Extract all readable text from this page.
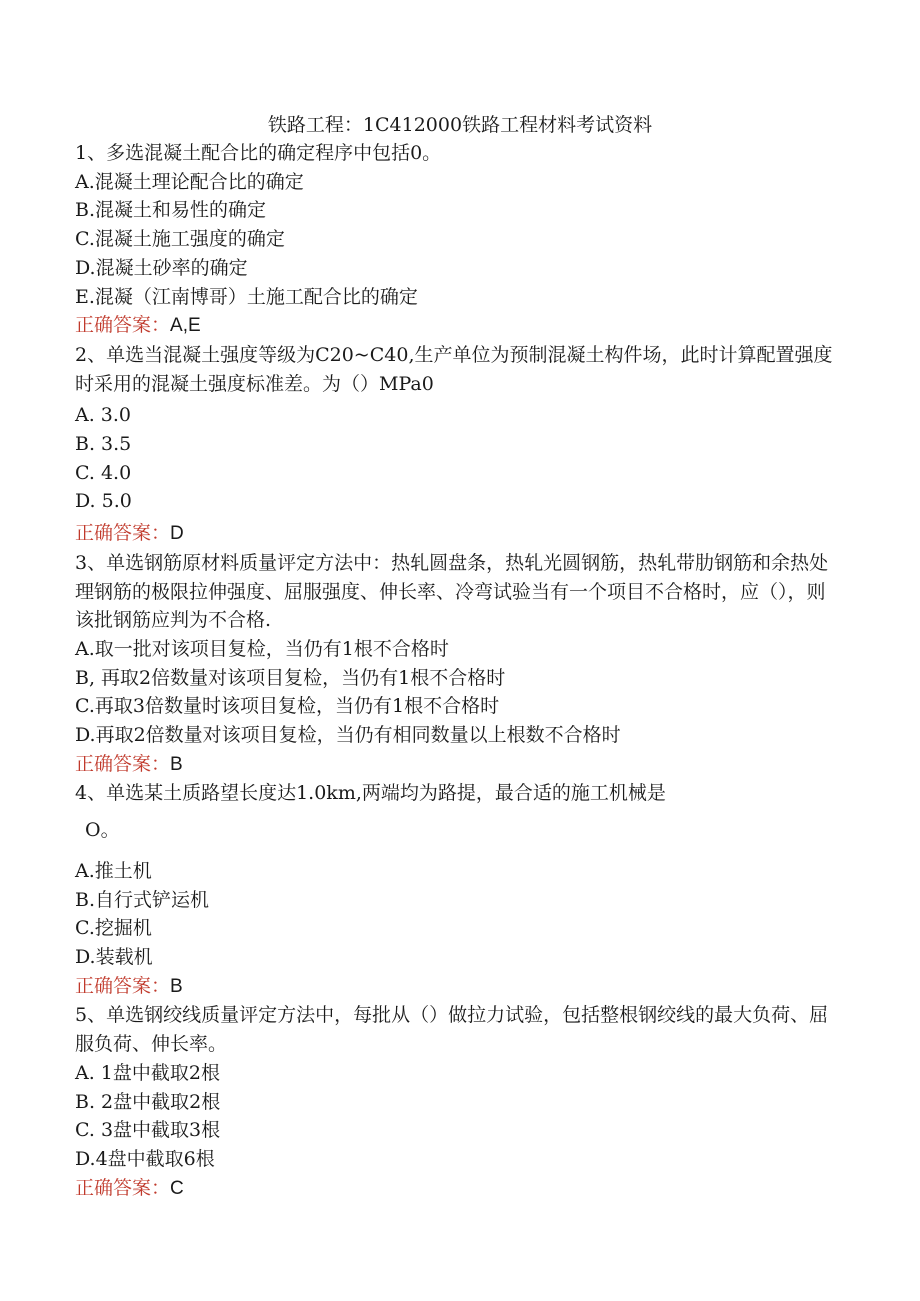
铁路工程：1C412000铁路工程材料考试资料
1、多选混凝土配合比的确定程序中包括0。
A.混凝土理论配合比的确定
B.混凝土和易性的确定
C.混凝土施工强度的确定
D.混凝土砂率的确定
E.混凝（江南博哥）土施工配合比的确定
正确答案：A,E
2、单选当混凝土强度等级为C20~C40,生产单位为预制混凝土构件场，此时计算配置强度时采用的混凝土强度标准差。为（）MPa0
A. 3.0
B. 3.5
C. 4.0
D. 5.0
正确答案：D
3、单选钢筋原材料质量评定方法中：热轧圆盘条，热轧光圆钢筋，热轧带肋钢筋和余热处理钢筋的极限拉伸强度、屈服强度、伸长率、冷弯试验当有一个项目不合格时，应（），则该批钢筋应判为不合格.
A.取一批对该项目复检，当仍有1根不合格时
B, 再取2倍数量对该项目复检，当仍有1根不合格时
C.再取3倍数量时该项目复检，当仍有1根不合格时
D.再取2倍数量对该项目复检，当仍有相同数量以上根数不合格时
正确答案：B
4、单选某土质路望长度达1.0km,两端均为路提，最合适的施工机械是
O。
A.推土机
B.自行式铲运机
C.挖掘机
D.装载机
正确答案：B
5、单选钢绞线质量评定方法中，每批从（）做拉力试验，包括整根钢绞线的最大负荷、屈服负荷、伸长率。
A. 1盘中截取2根
B. 2盘中截取2根
C. 3盘中截取3根
D.4盘中截取6根
正确答案：C
